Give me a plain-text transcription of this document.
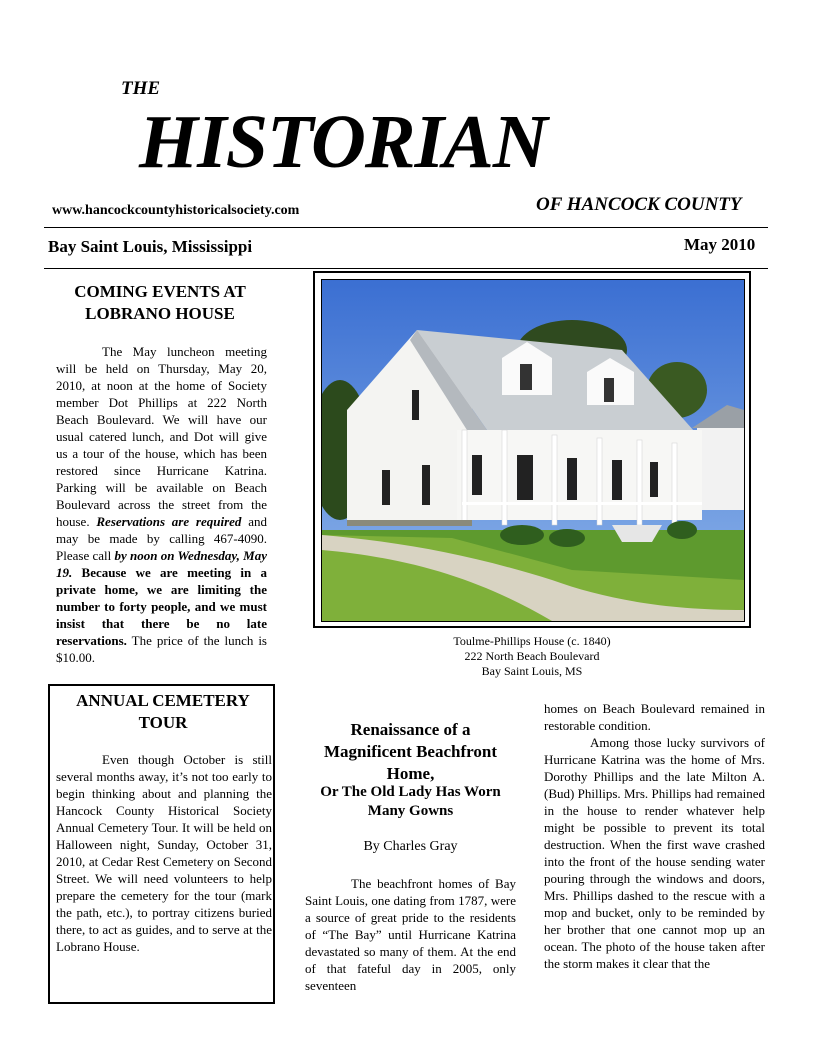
THE
HISTORIAN
www.hancockcountyhistoricalsociety.com	OF HANCOCK COUNTY
Bay Saint Louis, Mississippi	May 2010
COMING EVENTS AT
LOBRANO HOUSE

The May luncheon meeting will be held on Thursday, May 20, 2010, at noon at the home of Society member Dot Phillips at 222 North Beach Boulevard. We will have our usual catered lunch, and Dot will give us a tour of the house, which has been restored since Hurricane Katrina. Parking will be available on Beach Boulevard across the street from the house. Reservations are required and may be made by calling 467-4090. Please call by noon on Wednesday, May 19. Because we are meeting in a private home, we are limiting the number to forty people, and we must insist that there be no late reservations. The price of the lunch is $10.00.

ANNUAL CEMETERY
TOUR

Even though October is still several months away, it’s not too early to begin thinking about and planning the Hancock County Historical Society Annual Cemetery Tour. It will be held on Halloween night, Sunday, October 31, 2010, at Cedar Rest Cemetery on Second Street. We will need volunteers to help prepare the cemetery for the tour (mark the path, etc.), to portray citizens buried there, to act as guides, and to serve at the Lobrano House.

Toulme-Phillips House (c. 1840)
222 North Beach Boulevard
Bay Saint Louis, MS
Renaissance of a
Magnificent Beachfront
Home,
Or The Old Lady Has Worn
Many Gowns
By Charles Gray

The beachfront homes of Bay Saint Louis, one dating from 1787, were a source of great pride to the residents of “The Bay” until Hurricane Katrina devastated so many of them. At the end of that fateful day in 2005, only seventeen

homes on Beach Boulevard remained in restorable condition.

Among those lucky survivors of Hurricane Katrina was the home of Mrs. Dorothy Phillips and the late Milton A. (Bud) Phillips. Mrs. Phillips had remained in the house to render whatever help might be possible to prevent its total destruction. When the first wave crashed into the front of the house sending water pouring through the windows and doors, Mrs. Phillips dashed to the rescue with a mop and bucket, only to be reminded by her brother that one cannot mop up an ocean. The photo of the house taken after the storm makes it clear that the
